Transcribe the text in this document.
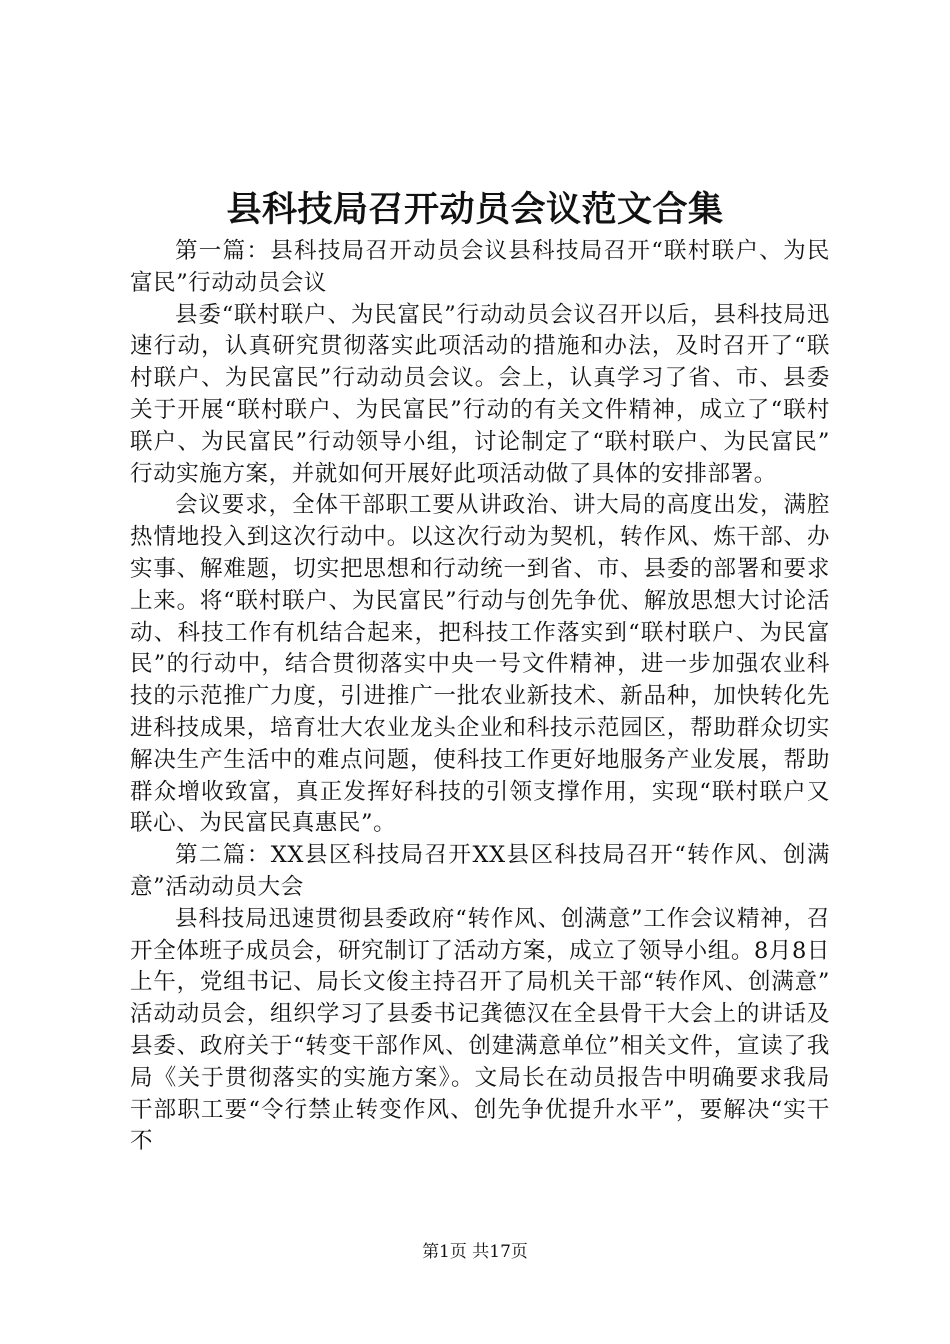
县科技局召开动员会议范文合集

第一篇：县科技局召开动员会议县科技局召开“联村联户、为民富民”行动动员会议

县委“联村联户、为民富民”行动动员会议召开以后，县科技局迅速行动，认真研究贯彻落实此项活动的措施和办法，及时召开了“联村联户、为民富民”行动动员会议。会上，认真学习了省、市、县委关于开展“联村联户、为民富民”行动的有关文件精神，成立了“联村联户、为民富民”行动领导小组，讨论制定了“联村联户、为民富民”行动实施方案，并就如何开展好此项活动做了具体的安排部署。

会议要求，全体干部职工要从讲政治、讲大局的高度出发，满腔热情地投入到这次行动中。以这次行动为契机，转作风、炼干部、办实事、解难题，切实把思想和行动统一到省、市、县委的部署和要求上来。将“联村联户、为民富民”行动与创先争优、解放思想大讨论活动、科技工作有机结合起来，把科技工作落实到“联村联户、为民富民”的行动中，结合贯彻落实中央一号文件精神，进一步加强农业科技的示范推广力度，引进推广一批农业新技术、新品种，加快转化先进科技成果，培育壮大农业龙头企业和科技示范园区，帮助群众切实解决生产生活中的难点问题，使科技工作更好地服务产业发展，帮助群众增收致富，真正发挥好科技的引领支撑作用，实现“联村联户又联心、为民富民真惠民”。

第二篇：XX县区科技局召开XX县区科技局召开“转作风、创满意”活动动员大会

县科技局迅速贯彻县委政府“转作风、创满意”工作会议精神，召开全体班子成员会，研究制订了活动方案，成立了领导小组。8月8日上午，党组书记、局长文俊主持召开了局机关干部“转作风、创满意”活动动员会，组织学习了县委书记龚德汉在全县骨干大会上的讲话及县委、政府关于“转变干部作风、创建满意单位”相关文件，宣读了我局《关于贯彻落实的实施方案》。文局长在动员报告中明确要求我局干部职工要“令行禁止转变作风、创先争优提升水平”，要解决“实干不

第1页 共17页
